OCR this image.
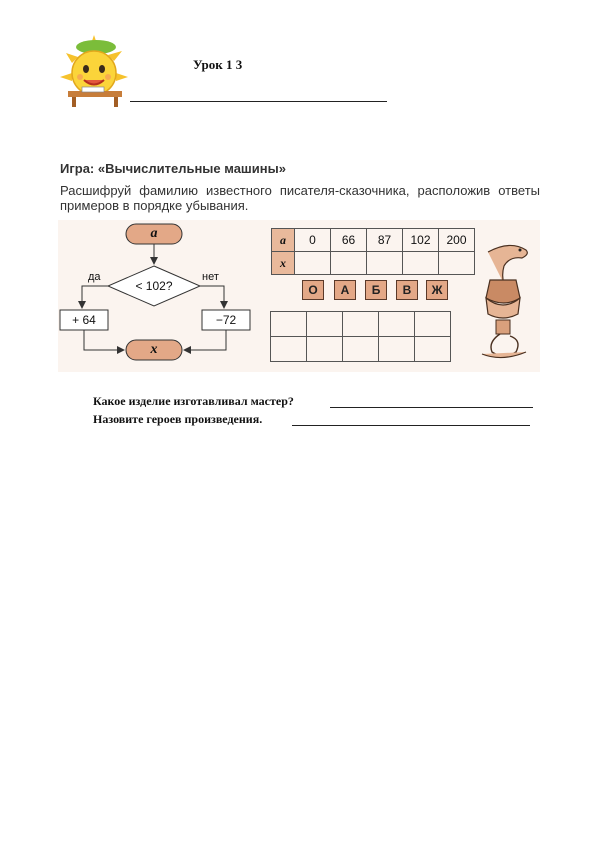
Урок 1 3
Игра: «Вычислительные машины»
Расшифруй фамилию известного писателя-сказочника, расположив ответы примеров в порядке убывания.
a
< 102?
да	нет
+ 64	−72
x
a	0	66	87	102	200
x					
О	А	Б	В	Ж

Какое изделие изготавливал мастер?
Назовите героев произведения.
